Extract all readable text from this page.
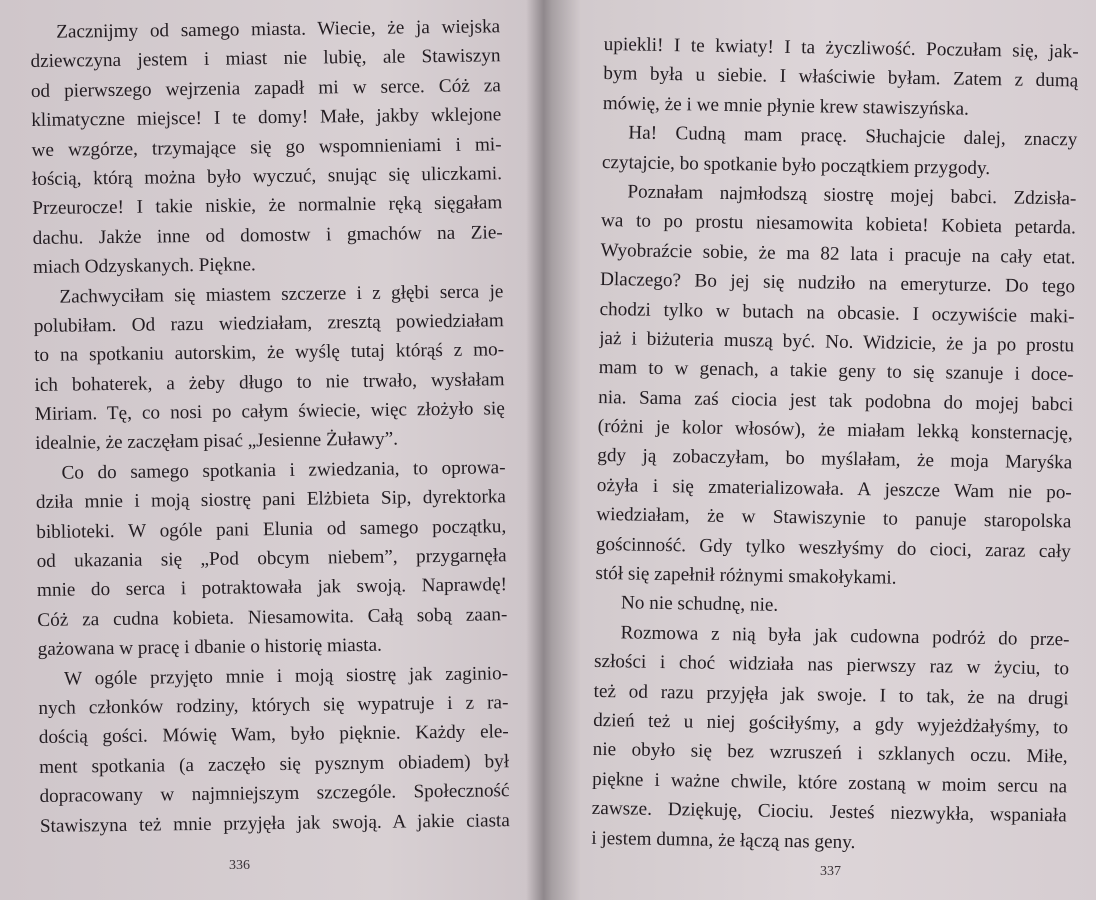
Zacznijmy od samego miasta. Wiecie, że ja wiejska
dziewczyna jestem i miast nie lubię, ale Stawiszyn
od pierwszego wejrzenia zapadł mi w serce. Cóż za
klimatyczne miejsce! I te domy! Małe, jakby wklejone
we wzgórze, trzymające się go wspomnieniami i mi-
łością, którą można było wyczuć, snując się uliczkami.
Przeurocze! I takie niskie, że normalnie ręką sięgałam
dachu. Jakże inne od domostw i gmachów na Zie-
miach Odzyskanych. Piękne.
Zachwyciłam się miastem szczerze i z głębi serca je
polubiłam. Od razu wiedziałam, zresztą powiedziałam
to na spotkaniu autorskim, że wyślę tutaj którąś z mo-
ich bohaterek, a żeby długo to nie trwało, wysłałam
Miriam. Tę, co nosi po całym świecie, więc złożyło się
idealnie, że zaczęłam pisać „Jesienne Żuławy”.
Co do samego spotkania i zwiedzania, to oprowa-
dziła mnie i moją siostrę pani Elżbieta Sip, dyrektorka
biblioteki. W ogóle pani Elunia od samego początku,
od ukazania się „Pod obcym niebem”, przygarnęła
mnie do serca i potraktowała jak swoją. Naprawdę!
Cóż za cudna kobieta. Niesamowita. Całą sobą zaan-
gażowana w pracę i dbanie o historię miasta.
W ogóle przyjęto mnie i moją siostrę jak zaginio-
nych członków rodziny, których się wypatruje i z ra-
dością gości. Mówię Wam, było pięknie. Każdy ele-
ment spotkania (a zaczęło się pysznym obiadem) był
dopracowany w najmniejszym szczególe. Społeczność
Stawiszyna też mnie przyjęła jak swoją. A jakie ciasta
336
upiekli! I te kwiaty! I ta życzliwość. Poczułam się, jak-
bym była u siebie. I właściwie byłam. Zatem z dumą
mówię, że i we mnie płynie krew stawiszyńska.
Ha! Cudną mam pracę. Słuchajcie dalej, znaczy
czytajcie, bo spotkanie było początkiem przygody.
Poznałam najmłodszą siostrę mojej babci. Zdzisła-
wa to po prostu niesamowita kobieta! Kobieta petarda.
Wyobraźcie sobie, że ma 82 lata i pracuje na cały etat.
Dlaczego? Bo jej się nudziło na emeryturze. Do tego
chodzi tylko w butach na obcasie. I oczywiście maki-
jaż i biżuteria muszą być. No. Widzicie, że ja po prostu
mam to w genach, a takie geny to się szanuje i doce-
nia. Sama zaś ciocia jest tak podobna do mojej babci
(różni je kolor włosów), że miałam lekką konsternację,
gdy ją zobaczyłam, bo myślałam, że moja Maryśka
ożyła i się zmaterializowała. A jeszcze Wam nie po-
wiedziałam, że w Stawiszynie to panuje staropolska
gościnność. Gdy tylko weszłyśmy do cioci, zaraz cały
stół się zapełnił różnymi smakołykami.
No nie schudnę, nie.
Rozmowa z nią była jak cudowna podróż do prze-
szłości i choć widziała nas pierwszy raz w życiu, to
też od razu przyjęła jak swoje. I to tak, że na drugi
dzień też u niej gościłyśmy, a gdy wyjeżdżałyśmy, to
nie obyło się bez wzruszeń i szklanych oczu. Miłe,
piękne i ważne chwile, które zostaną w moim sercu na
zawsze. Dziękuję, Ciociu. Jesteś niezwykła, wspaniała
i jestem dumna, że łączą nas geny.
337
